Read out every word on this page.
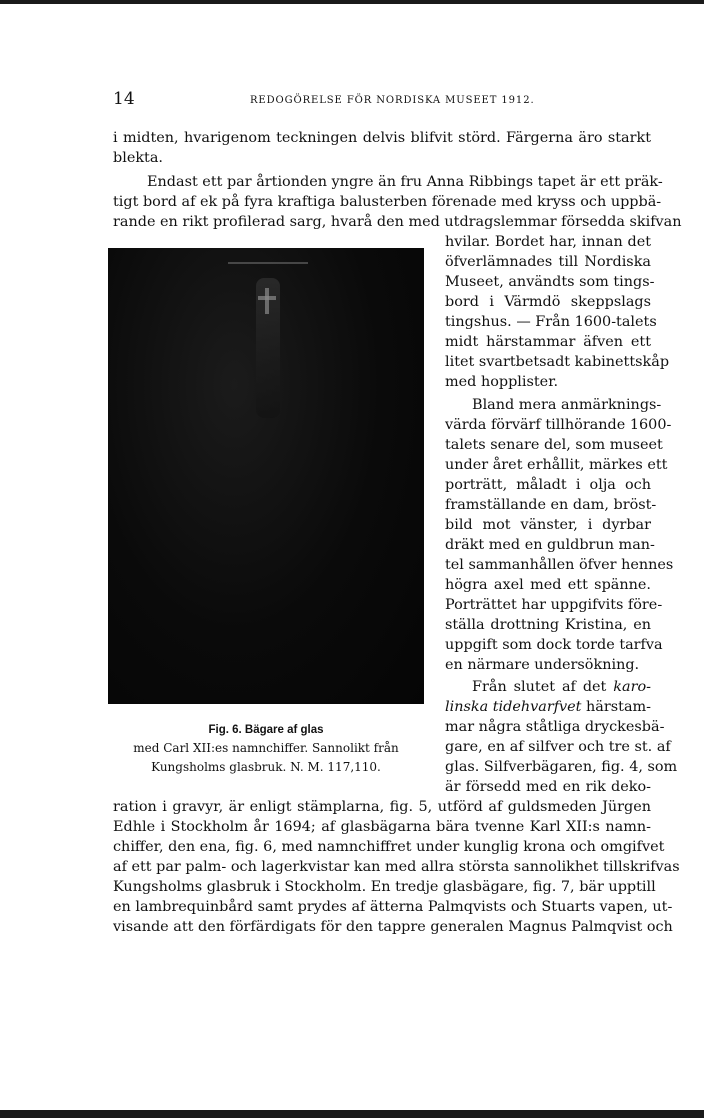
14	REDOGÖRELSE FÖR NORDISKA MUSEET 1912.
i midten, hvarigenom teckningen delvis blifvit störd. Färgerna äro starkt
blekta.
Endast ett par årtionden yngre än fru Anna Ribbings tapet är ett präk-
tigt bord af ek på fyra kraftiga balusterben förenade med kryss och uppbä-
rande en rikt profilerad sarg, hvarå den med utdragslemmar försedda skifvan
hvilar. Bordet har, innan det
öfverlämnades till Nordiska
Museet, användts som tings-
bord i Värmdö skeppslags
tingshus. — Från 1600-talets
midt härstammar äfven ett
litet svartbetsadt kabinettskåp
med hopplister.
Bland mera anmärknings-
värda förvärf tillhörande 1600-
talets senare del, som museet
under året erhållit, märkes ett
porträtt, måladt i olja och
framställande en dam, bröst-
bild mot vänster, i dyrbar
dräkt med en guldbrun man-
tel sammanhållen öfver hennes
högra axel med ett spänne.
Porträttet har uppgifvits före-
ställa drottning Kristina, en
uppgift som dock torde tarfva
en närmare undersökning.
Från slutet af det karo-
linska tidehvarfvet härstam-
mar några ståtliga dryckesbä-
gare, en af silfver och tre st. af
glas. Silfverbägaren, fig. 4, som
är försedd med en rik deko-
Fig. 6. Bägare af glas
med Carl XII:es namnchiffer. Sannolikt från
Kungsholms glasbruk. N. M. 117,110.
ration i gravyr, är enligt stämplarna, fig. 5, utförd af guldsmeden Jürgen
Edhle i Stockholm år 1694; af glasbägarna bära tvenne Karl XII:s namn-
chiffer, den ena, fig. 6, med namnchiffret under kunglig krona och omgifvet
af ett par palm- och lagerkvistar kan med allra största sannolikhet tillskrifvas
Kungsholms glasbruk i Stockholm. En tredje glasbägare, fig. 7, bär upptill
en lambrequinbård samt prydes af ätterna Palmqvists och Stuarts vapen, ut-
visande att den förfärdigats för den tappre generalen Magnus Palmqvist och
